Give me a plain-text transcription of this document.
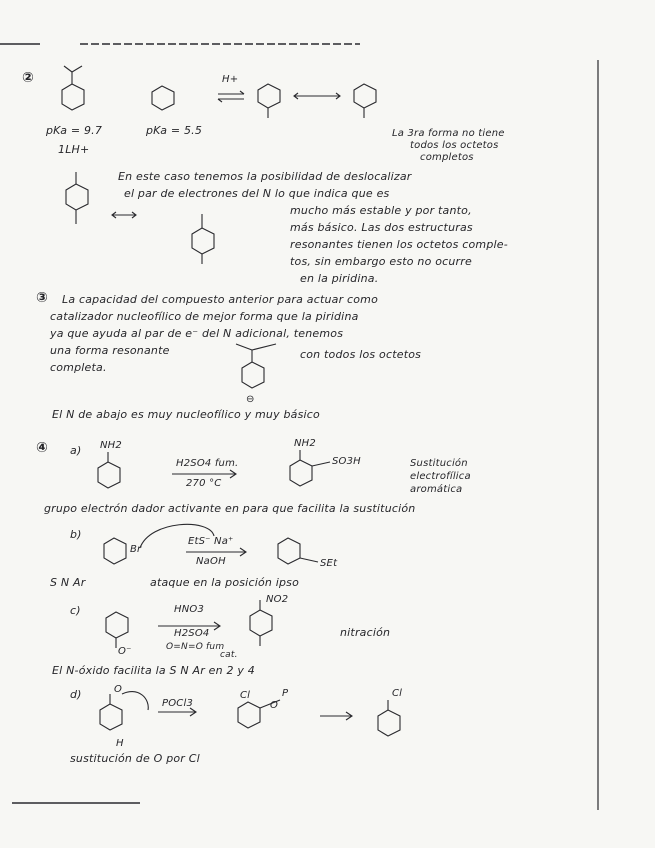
②
pKa = 9.7
1LH+
pKa = 5.5
H+
La 3ra forma no tiene
todos los octetos
completos
En este caso tenemos la posibilidad de deslocalizar
el par de electrones del N lo que indica que es
mucho más estable y por tanto,
más básico. Las dos estructuras
resonantes tienen los octetos comple-
tos, sin embargo esto no ocurre
en la piridina.
③ La capacidad del compuesto anterior para actuar como
catalizador nucleofílico de mejor forma que la piridina
ya que ayuda al par de e⁻ del N adicional, tenemos
una forma resonante
completa.
con todos los octetos
⊖
El N de abajo es muy nucleofílico y muy básico
④ a) NH2
H2SO4 fum.
270 °C
NH2
SO3H	Sustitución
electrofílica
aromática
grupo electrón dador activante en para que facilita la sustitución
b)
Br
EtS⁻ Na⁺
NaOH	SEt
S N Ar	ataque en la posición ipso
c)	HNO3
H2SO4
O=N=O fum
cat.
NO2
O⁻
nitración
El N-óxido facilita la S N Ar en 2 y 4
d)	O
H
POCl3
Cl	P
O
Cl
sustitución de O por Cl
